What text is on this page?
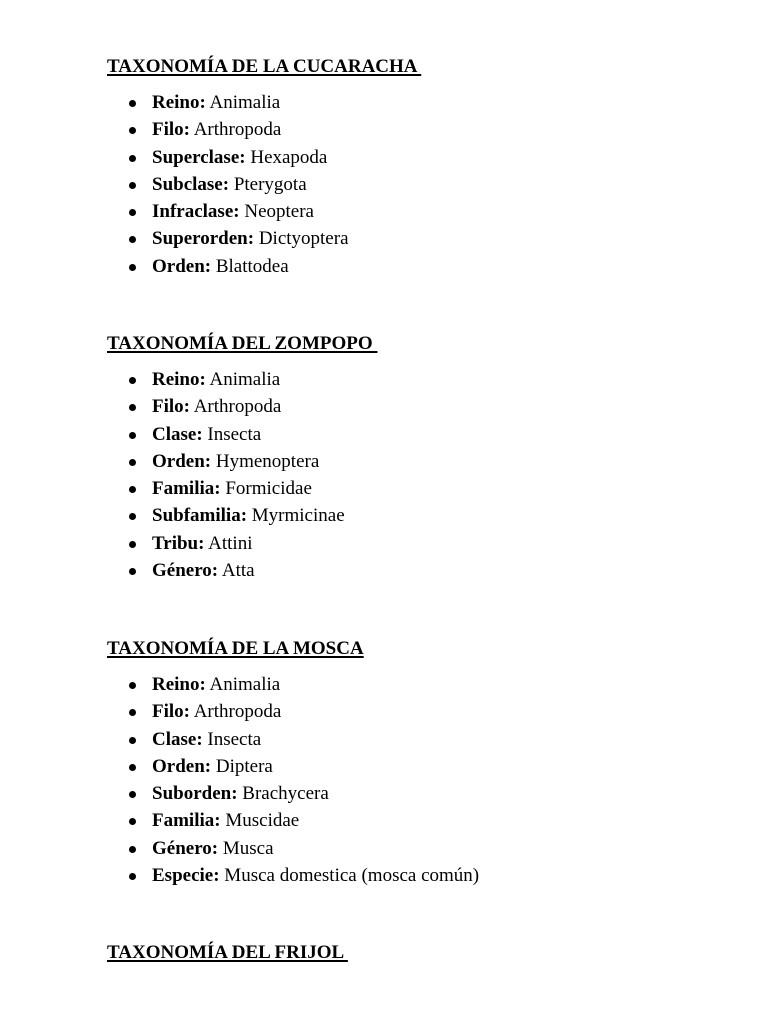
TAXONOMÍA DE LA CUCARACHA
Reino: Animalia
Filo: Arthropoda
Superclase: Hexapoda
Subclase: Pterygota
Infraclase: Neoptera
Superorden: Dictyoptera
Orden: Blattodea
TAXONOMÍA DEL ZOMPOPO
Reino: Animalia
Filo: Arthropoda
Clase: Insecta
Orden: Hymenoptera
Familia: Formicidae
Subfamilia: Myrmicinae
Tribu: Attini
Género: Atta
TAXONOMÍA DE LA MOSCA
Reino: Animalia
Filo: Arthropoda
Clase: Insecta
Orden: Diptera
Suborden: Brachycera
Familia: Muscidae
Género: Musca
Especie: Musca domestica (mosca común)
TAXONOMÍA DEL FRIJOL
